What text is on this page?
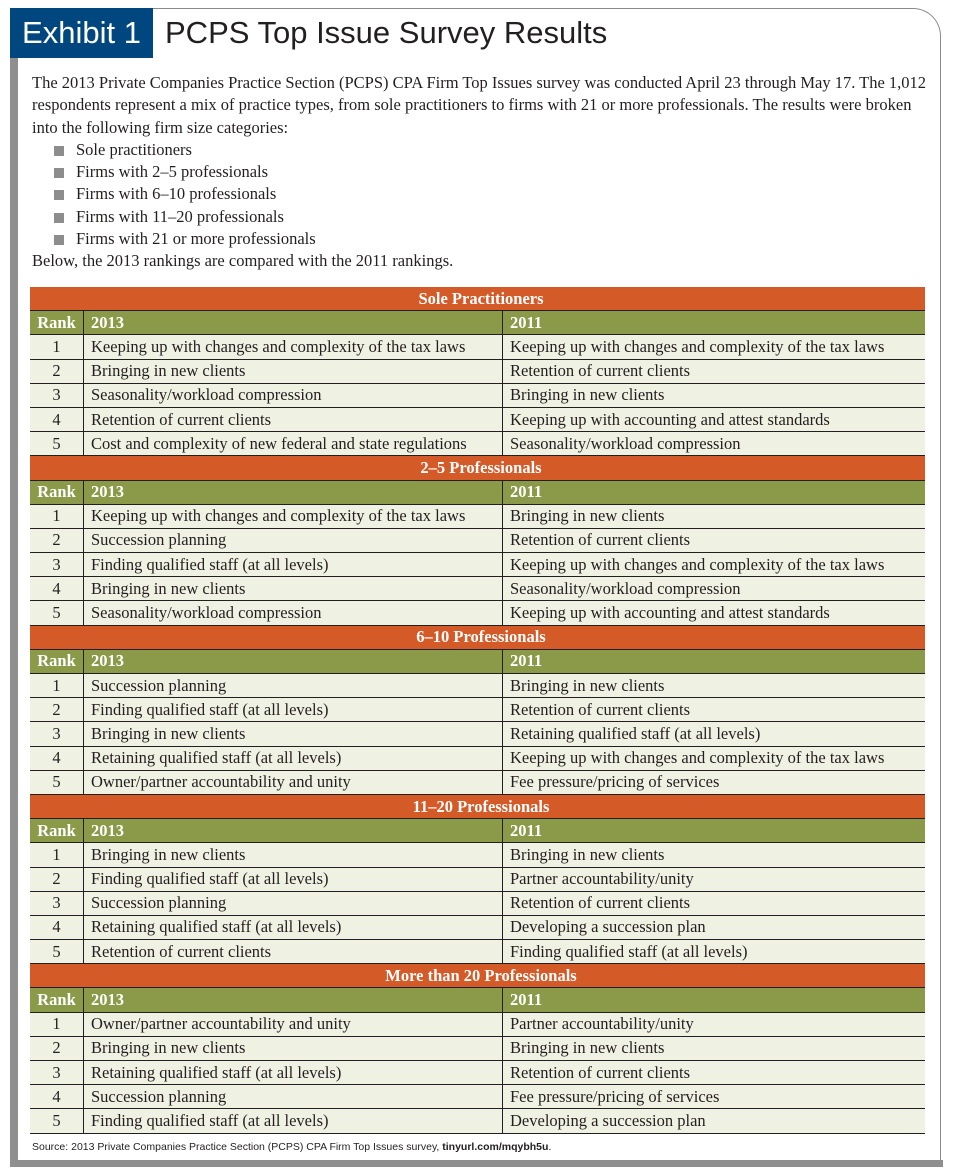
Exhibit 1 PCPS Top Issue Survey Results

The 2013 Private Companies Practice Section (PCPS) CPA Firm Top Issues survey was conducted April 23 through May 17. The 1,012 respondents represent a mix of practice types, from sole practitioners to firms with 21 or more professionals. The results were broken into the following firm size categories:

Sole practitioners
Firms with 2–5 professionals
Firms with 6–10 professionals
Firms with 11–20 professionals
Firms with 21 or more professionals

Below, the 2013 rankings are compared with the 2011 rankings.

Sole Practitioners		
Rank	2013	2011
1	Keeping up with changes and complexity of the tax laws	Keeping up with changes and complexity of the tax laws
2	Bringing in new clients	Retention of current clients
3	Seasonality/workload compression	Bringing in new clients
4	Retention of current clients	Keeping up with accounting and attest standards
5	Cost and complexity of new federal and state regulations	Seasonality/workload compression
2–5 Professionals		
Rank	2013	2011
1	Keeping up with changes and complexity of the tax laws	Bringing in new clients
2	Succession planning	Retention of current clients
3	Finding qualified staff (at all levels)	Keeping up with changes and complexity of the tax laws
4	Bringing in new clients	Seasonality/workload compression
5	Seasonality/workload compression	Keeping up with accounting and attest standards
6–10 Professionals		
Rank	2013	2011
1	Succession planning	Bringing in new clients
2	Finding qualified staff (at all levels)	Retention of current clients
3	Bringing in new clients	Retaining qualified staff (at all levels)
4	Retaining qualified staff (at all levels)	Keeping up with changes and complexity of the tax laws
5	Owner/partner accountability and unity	Fee pressure/pricing of services
11–20 Professionals		
Rank	2013	2011
1	Bringing in new clients	Bringing in new clients
2	Finding qualified staff (at all levels)	Partner accountability/unity
3	Succession planning	Retention of current clients
4	Retaining qualified staff (at all levels)	Developing a succession plan
5	Retention of current clients	Finding qualified staff (at all levels)
More than 20 Professionals		
Rank	2013	2011
1	Owner/partner accountability and unity	Partner accountability/unity
2	Bringing in new clients	Bringing in new clients
3	Retaining qualified staff (at all levels)	Retention of current clients
4	Succession planning	Fee pressure/pricing of services
5	Finding qualified staff (at all levels)	Developing a succession plan
Source: 2013 Private Companies Practice Section (PCPS) CPA Firm Top Issues survey, tinyurl.com/mqybh5u.
